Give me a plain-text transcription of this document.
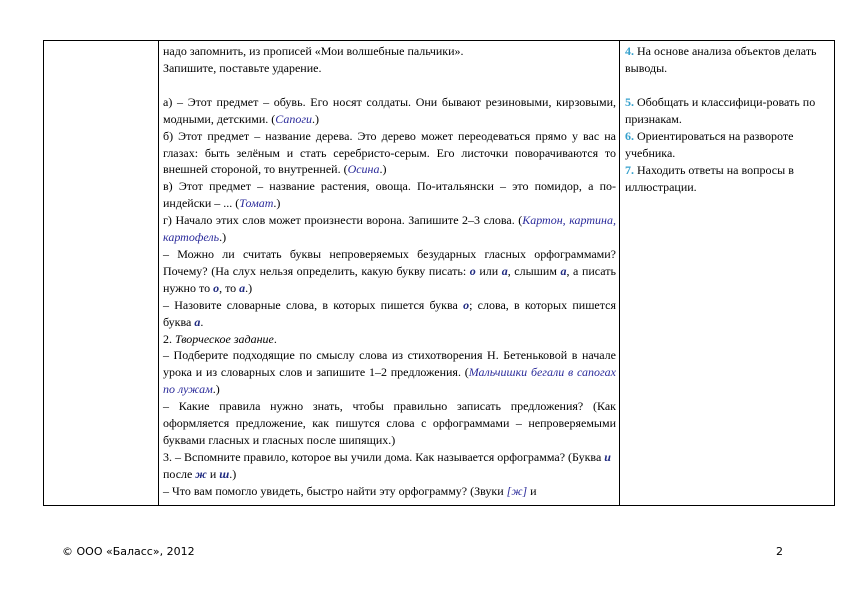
надо запомнить, из прописей «Мои волшебные пальчики».

Запишите, поставьте ударение.

а) – Этот предмет – обувь. Его носят солдаты. Они бывают резиновыми, кирзовыми, модными, детскими. (Сапоги.)

б) Этот предмет – название дерева. Это дерево может переодеваться прямо у вас на глазах: быть зелёным и стать серебристо-серым. Его листочки поворачиваются то внешней стороной, то внутренней. (Осина.)

в) Этот предмет – название растения, овоща. По-итальянски – это помидор, а по-индейски – ... (Томат.)

г) Начало этих слов может произнести ворона. Запишите 2–3 слова. (Картон, картина, картофель.)

– Можно ли считать буквы непроверяемых безударных гласных орфограммами? Почему? (На слух нельзя определить, какую букву писать: о или а, слышим а, а писать нужно то о, то а.)

– Назовите словарные слова, в которых пишется буква о; слова, в которых пишется буква а.

2. Творческое задание.

– Подберите подходящие по смыслу слова из стихотворения Н. Бетеньковой в начале урока и из словарных слов и запишите 1–2 предложения. (Мальчишки бегали в сапогах по лужам.)

– Какие правила нужно знать, чтобы правильно записать предложения? (Как оформляется предложение, как пишутся слова с орфограммами – непроверяемыми буквами гласных и гласных после шипящих.)

3. – Вспомните правило, которое вы учили дома. Как называется орфограмма? (Буква и после ж и ш.)

– Что вам помогло увидеть, быстро найти эту орфограмму? (Звуки [ж] и

4. На основе анализа объектов делать выводы.

5. Обобщать и классифици-ровать по признакам.

6. Ориентироваться на развороте учебника.

7. Находить ответы на вопросы в иллюстрации.

© ООО «Баласс», 2012	2
